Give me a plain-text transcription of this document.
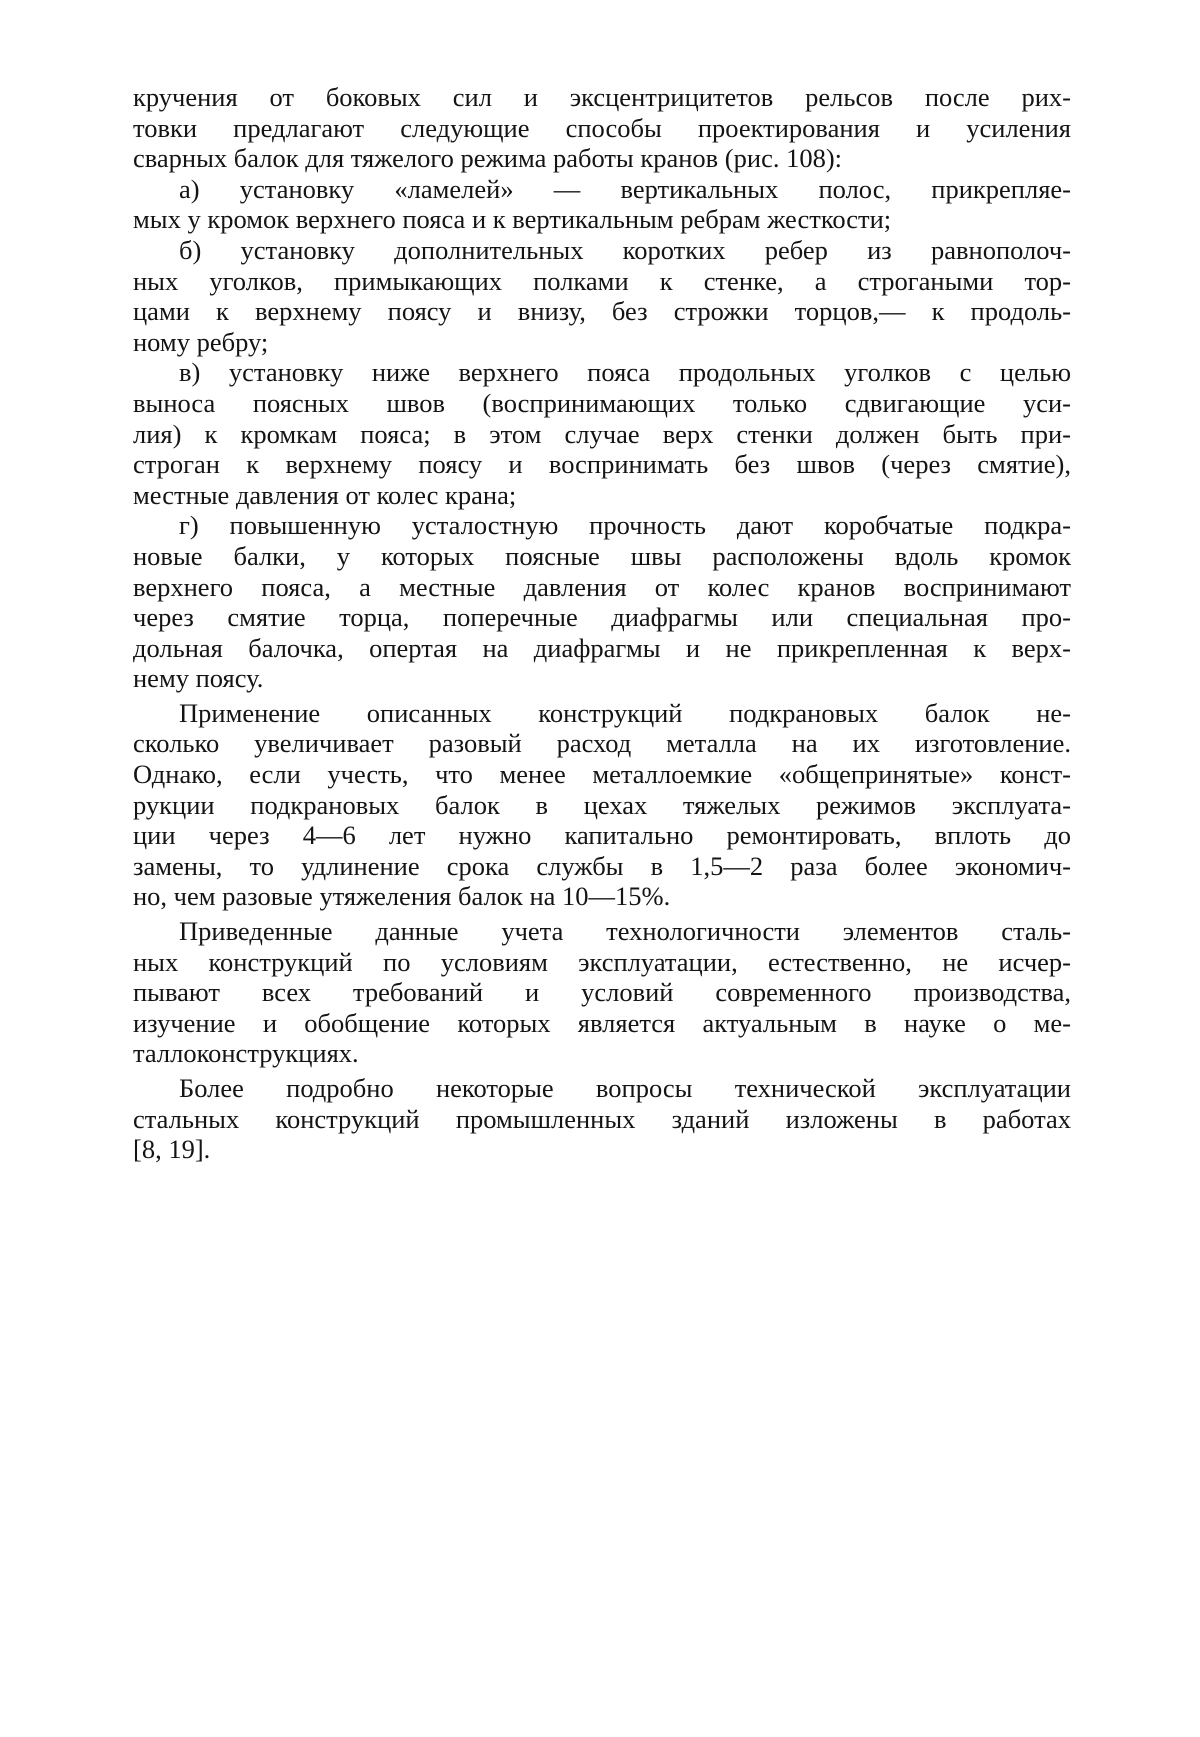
кручения от боковых сил и эксцентрицитетов рельсов после рих-
товки предлагают следующие способы проектирования и усиления
сварных балок для тяжелого режима работы кранов (рис. 108):
а) установку «ламелей» — вертикальных полос, прикрепляе-
мых у кромок верхнего пояса и к вертикальным ребрам жесткости;
б) установку дополнительных коротких ребер из равнополоч-
ных уголков, примыкающих полками к стенке, а строгаными тор-
цами к верхнему поясу и внизу, без строжки торцов,— к продоль-
ному ребру;
в) установку ниже верхнего пояса продольных уголков с целью
выноса поясных швов (воспринимающих только сдвигающие уси-
лия) к кромкам пояса; в этом случае верх стенки должен быть при-
строган к верхнему поясу и воспринимать без швов (через смятие),
местные давления от колес крана;
г) повышенную усталостную прочность дают коробчатые подкра-
новые балки, у которых поясные швы расположены вдоль кромок
верхнего пояса, а местные давления от колес кранов воспринимают
через смятие торца, поперечные диафрагмы или специальная про-
дольная балочка, опертая на диафрагмы и не прикрепленная к верх-
нему поясу.
Применение описанных конструкций подкрановых балок не-
сколько увеличивает разовый расход металла на их изготовление.
Однако, если учесть, что менее металлоемкие «общепринятые» конст-
рукции подкрановых балок в цехах тяжелых режимов эксплуата-
ции через 4—6 лет нужно капитально ремонтировать, вплоть до
замены, то удлинение срока службы в 1,5—2 раза более экономич-
но, чем разовые утяжеления балок на 10—15%.
Приведенные данные учета технологичности элементов сталь-
ных конструкций по условиям эксплуатации, естественно, не исчер-
пывают всех требований и условий современного производства,
изучение и обобщение которых является актуальным в науке о ме-
таллоконструкциях.
Более подробно некоторые вопросы технической эксплуатации
стальных конструкций промышленных зданий изложены в работах
[8, 19].
